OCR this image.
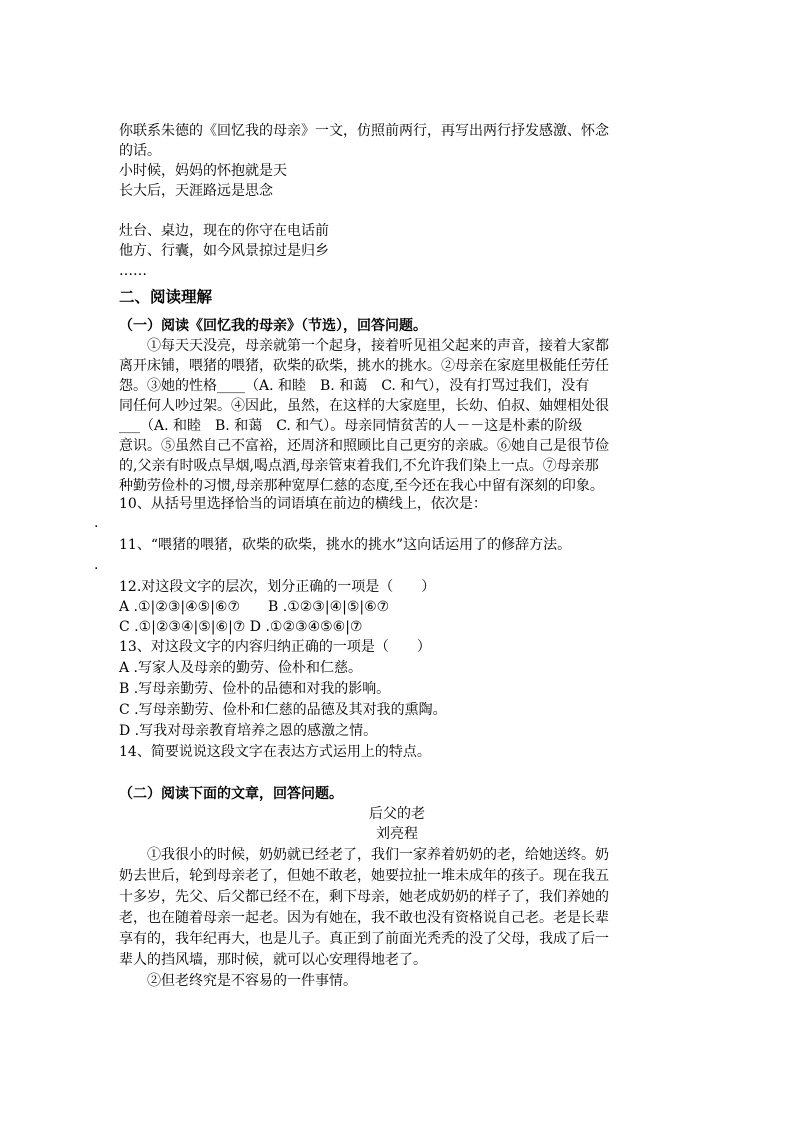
你联系朱德的《回忆我的母亲》一文，仿照前两行，再写出两行抒发感激、怀念
的话。
小时候，妈妈的怀抱就是天
长大后，天涯路远是思念
灶台、桌边，现在的你守在电话前
他方、行囊，如今风景掠过是归乡
……
二、阅读理解
（一）阅读《回忆我的母亲》（节选），回答问题。
①每天天没亮，母亲就第一个起身，接着听见祖父起来的声音，接着大家都
离开床铺，喂猪的喂猪，砍柴的砍柴，挑水的挑水。②母亲在家庭里极能任劳任
怨。③她的性格____（A. 和睦　B. 和蔼　C. 和气），没有打骂过我们，没有
同任何人吵过架。④因此，虽然，在这样的大家庭里，长幼、伯叔、妯娌相处很
___（A. 和睦　B. 和蔼　C. 和气）。母亲同情贫苦的人－－这是朴素的阶级
意识。⑤虽然自己不富裕，还周济和照顾比自己更穷的亲戚。⑥她自己是很节俭
的,父亲有时吸点旱烟,喝点酒,母亲管束着我们,不允许我们染上一点。⑦母亲那
种勤劳俭朴的习惯,母亲那种宽厚仁慈的态度,至今还在我心中留有深刻的印象。
10、从括号里选择恰当的词语填在前边的横线上，依次是：
.
11、“喂猪的喂猪，砍柴的砍柴，挑水的挑水”这向话运用了的修辞方法。
.
12.对这段文字的层次，划分正确的一项是（　　）
A .①|②③|④⑤|⑥⑦　　B .①②③|④|⑤|⑥⑦
C .①|②③④|⑤|⑥|⑦ D .①②③④⑤⑥|⑦
13、对这段文字的内容归纳正确的一项是（　　）
A .写家人及母亲的勤劳、俭朴和仁慈。
B .写母亲勤劳、俭朴的品德和对我的影响。
C .写母亲勤劳、俭朴和仁慈的品德及其对我的熏陶。
D .写我对母亲教育培养之恩的感激之情。
14、简要说说这段文字在表达方式运用上的特点。
（二）阅读下面的文章，回答问题。
后父的老
刘亮程
①我很小的时候，奶奶就已经老了，我们一家养着奶奶的老，给她送终。奶
奶去世后，轮到母亲老了，但她不敢老，她要拉扯一堆未成年的孩子。现在我五
十多岁，先父、后父都已经不在，剩下母亲，她老成奶奶的样子了，我们养她的
老，也在随着母亲一起老。因为有她在，我不敢也没有资格说自己老。老是长辈
享有的，我年纪再大，也是儿子。真正到了前面光秃秃的没了父母，我成了后一
辈人的挡风墙，那时候，就可以心安理得地老了。
②但老终究是不容易的一件事情。
